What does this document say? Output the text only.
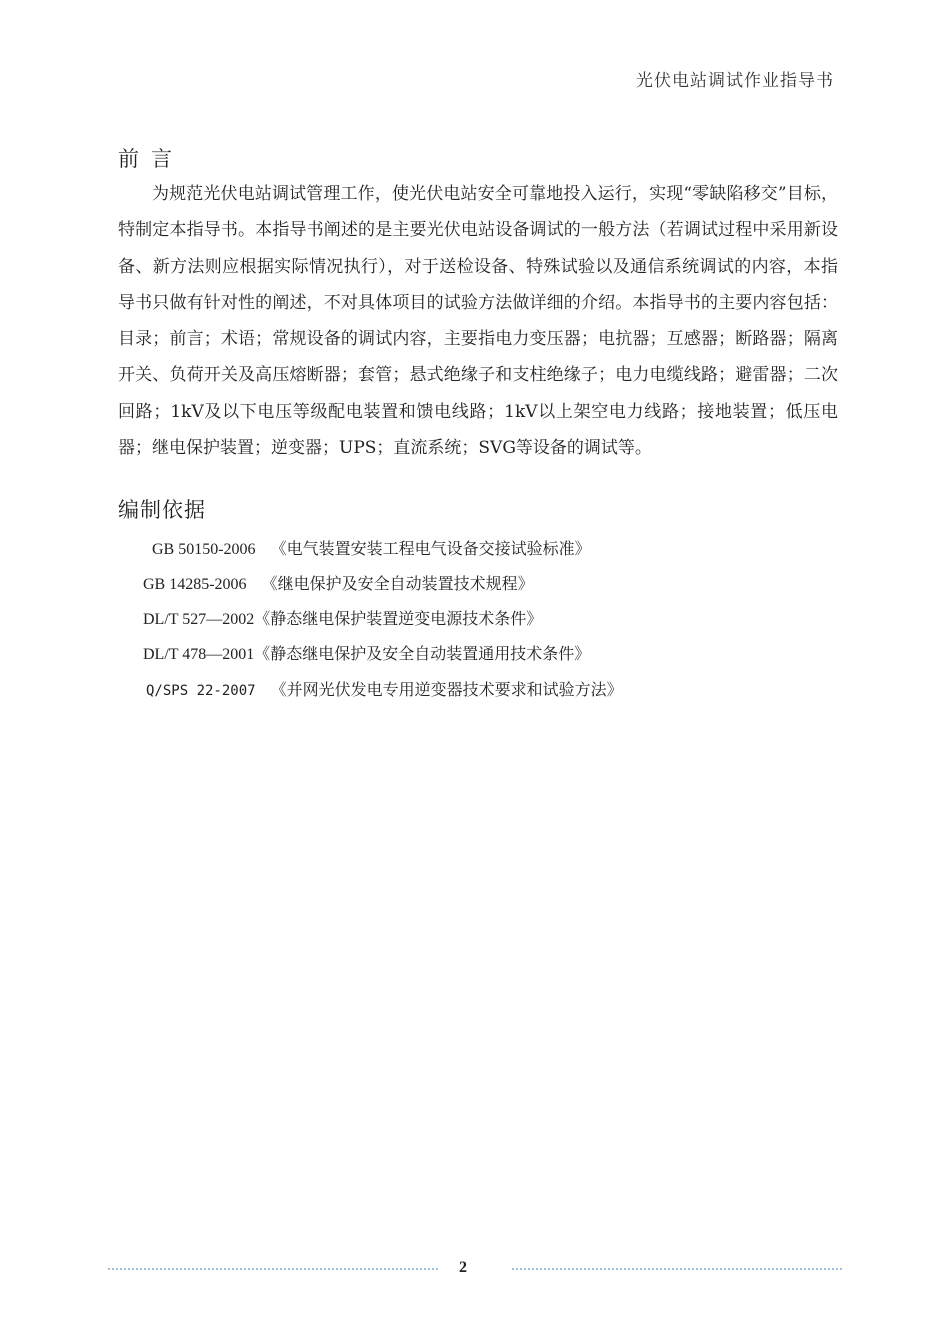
光伏电站调试作业指导书
前言

为规范光伏电站调试管理工作，使光伏电站安全可靠地投入运行，实现“零缺陷移交”目标，特制定本指导书。本指导书阐述的是主要光伏电站设备调试的一般方法（若调试过程中采用新设备、新方法则应根据实际情况执行），对于送检设备、特殊试验以及通信系统调试的内容，本指导书只做有针对性的阐述，不对具体项目的试验方法做详细的介绍。本指导书的主要内容包括：目录；前言；术语；常规设备的调试内容，主要指电力变压器；电抗器；互感器；断路器；隔离开关、负荷开关及高压熔断器；套管；悬式绝缘子和支柱绝缘子；电力电缆线路；避雷器；二次回路；1kV及以下电压等级配电装置和馈电线路；1kV以上架空电力线路；接地装置；低压电器；继电保护装置；逆变器；UPS；直流系统；SVG等设备的调试等。

编制依据
GB 50150-2006 《电气装置安装工程电气设备交接试验标准》
GB 14285-2006 《继电保护及安全自动装置技术规程》
DL/T 527—2002《静态继电保护装置逆变电源技术条件》
DL/T 478—2001《静态继电保护及安全自动装置通用技术条件》
Q/SPS 22-2007 《并网光伏发电专用逆变器技术要求和试验方法》
2
